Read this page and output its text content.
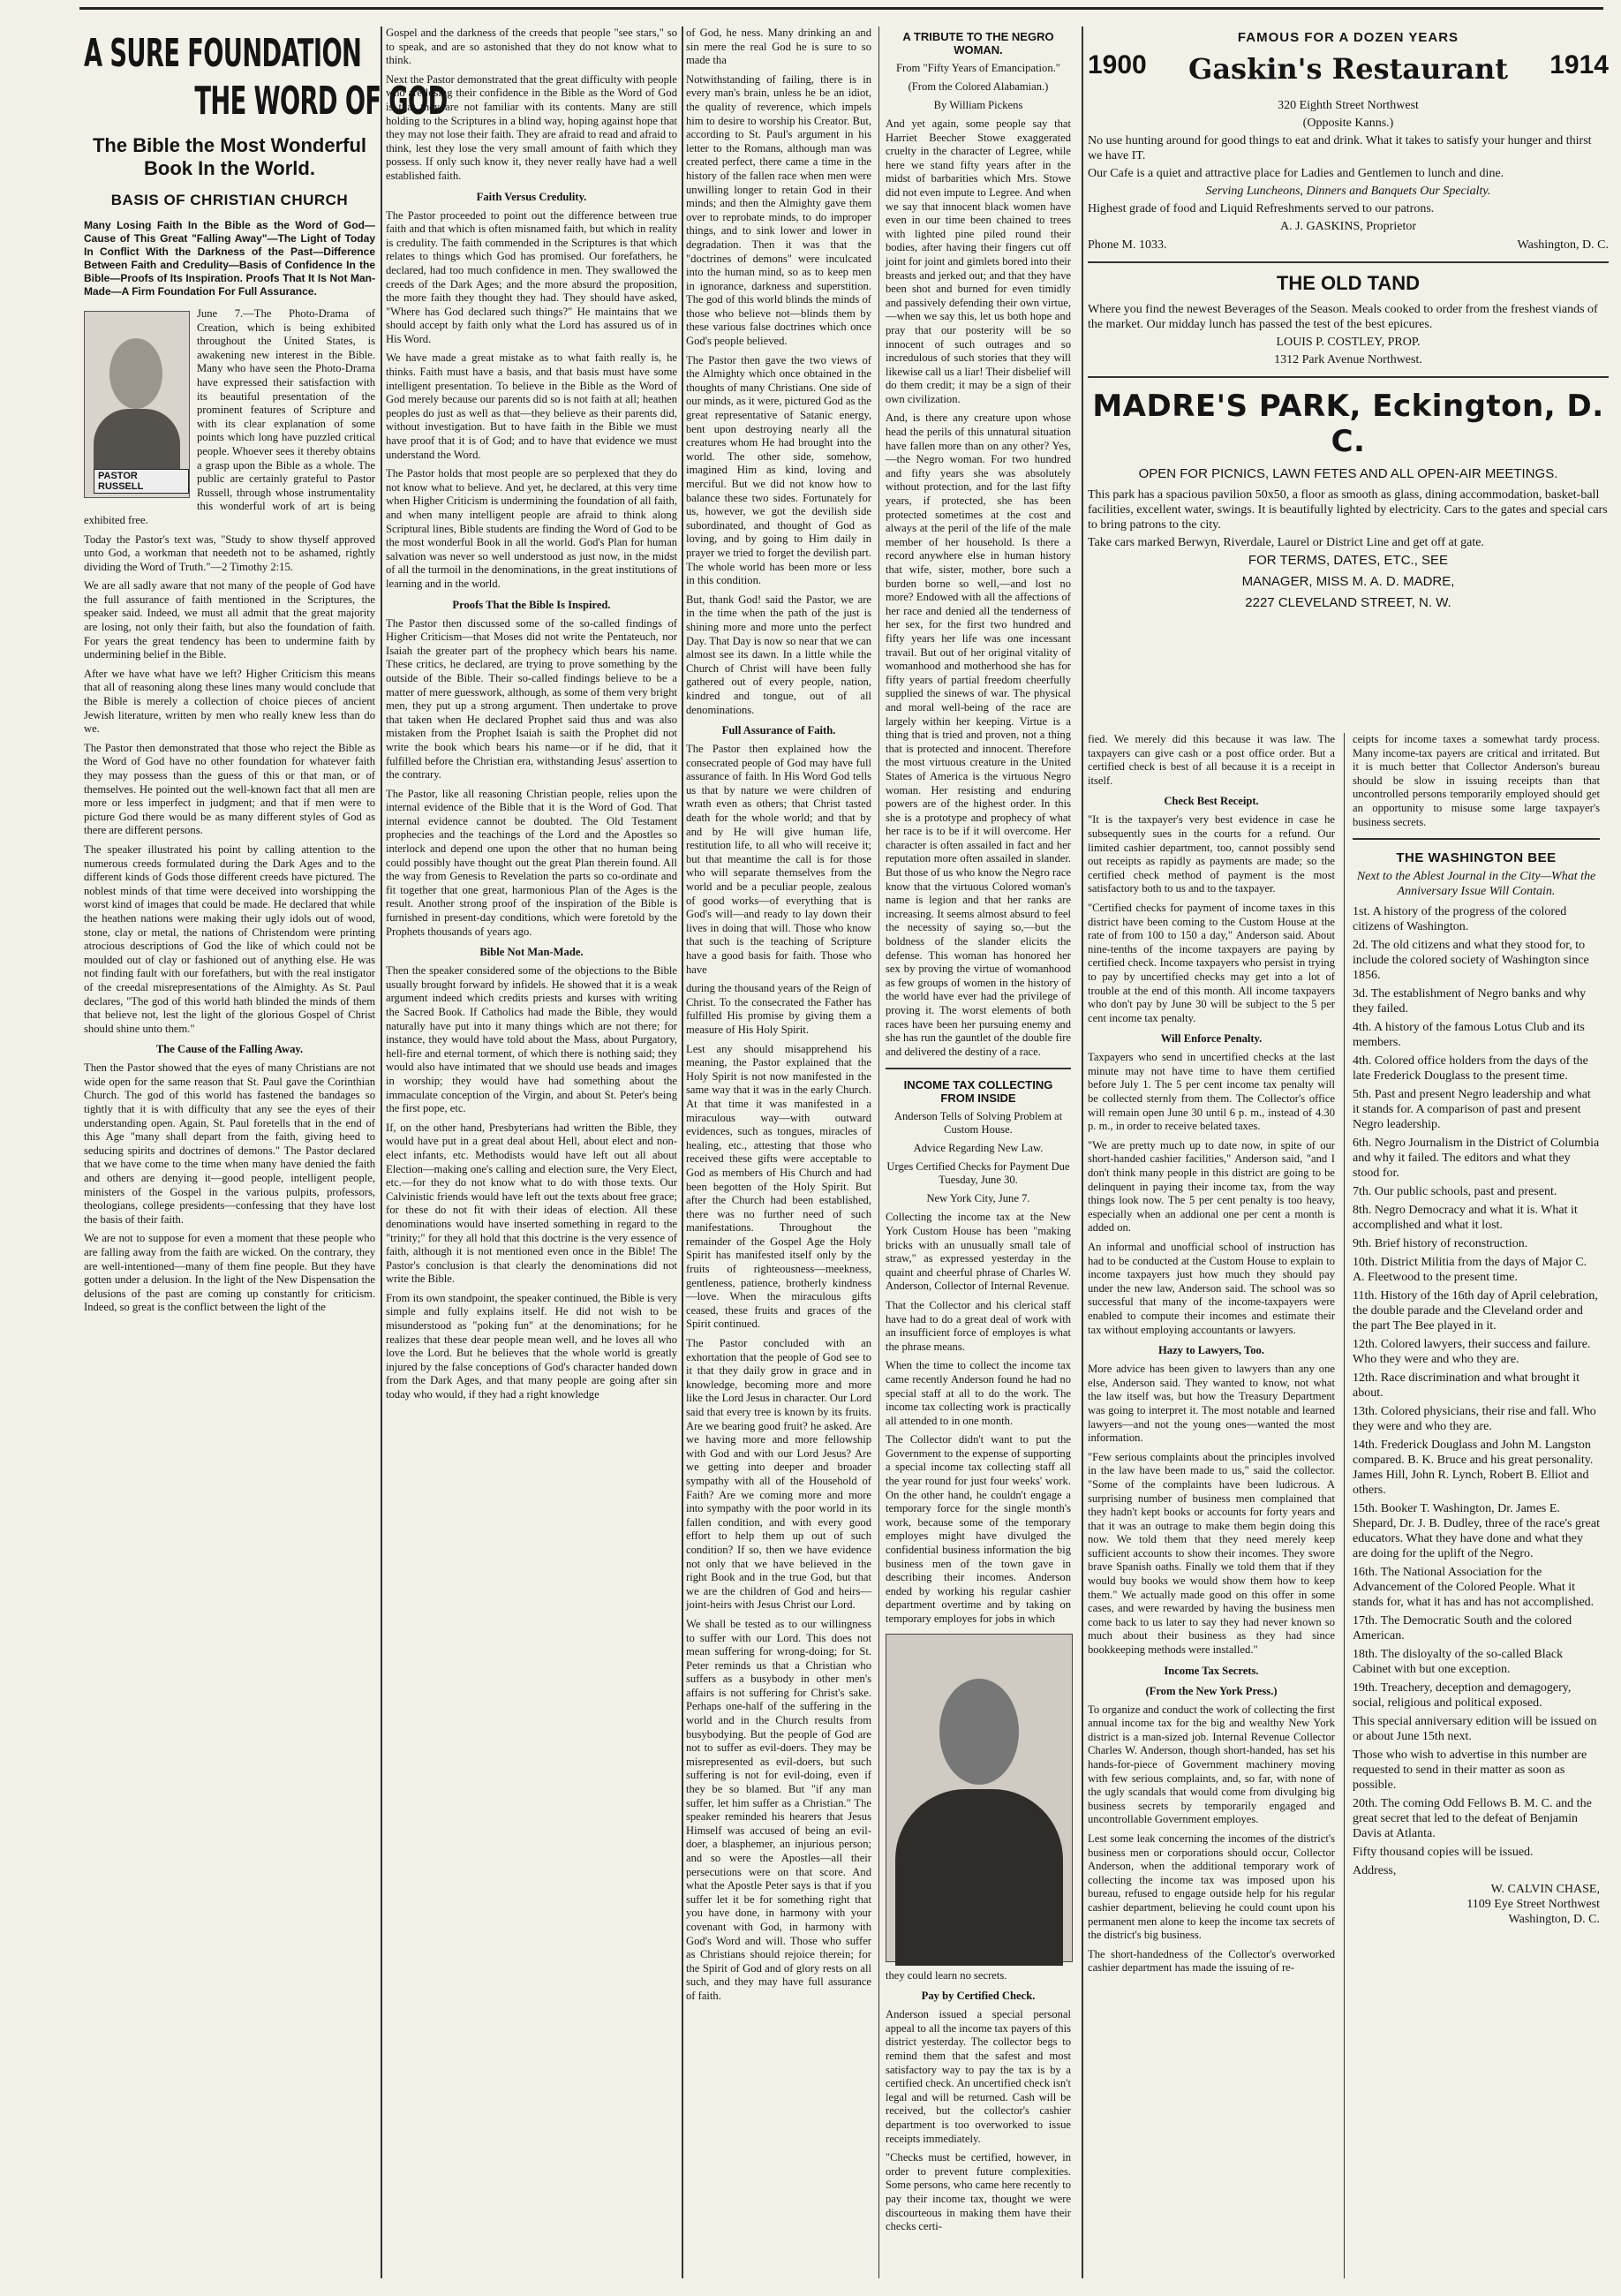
A SURE FOUNDATION
THE WORD OF GOD
The Bible the Most Wonderful
Book In the World.
BASIS OF CHRISTIAN CHURCH
Many Losing Faith In the Bible as the Word of God—Cause of This Great "Falling Away"—The Light of Today In Conflict With the Darkness of the Past—Difference Between Faith and Credulity—Basis of Confidence In the Bible—Proofs of Its Inspiration. Proofs That It Is Not Man-Made—A Firm Foundation For Full Assurance.
PASTOR RUSSELL

June 7.—The Photo-Drama of Creation, which is being exhibited throughout the United States, is awakening new interest in the Bible. Many who have seen the Photo-Drama have expressed their satisfaction with its beautiful presentation of the prominent features of Scripture and with its clear explanation of some points which long have puzzled critical people. Whoever sees it thereby obtains a grasp upon the Bible as a whole. The public are certainly grateful to Pastor Russell, through whose instrumentality this wonderful work of art is being exhibited free.

Today the Pastor's text was, "Study to show thyself approved unto God, a workman that needeth not to be ashamed, rightly dividing the Word of Truth."—2 Timothy 2:15.

We are all sadly aware that not many of the people of God have the full assurance of faith mentioned in the Scriptures, the speaker said. Indeed, we must all admit that the great majority are losing, not only their faith, but also the foundation of faith. For years the great tendency has been to undermine faith by undermining belief in the Bible.

After we have what have we left? Higher Criticism this means that all of reasoning along these lines many would conclude that the Bible is merely a collection of choice pieces of ancient Jewish literature, written by men who really knew less than do we.

The Pastor then demonstrated that those who reject the Bible as the Word of God have no other foundation for whatever faith they may possess than the guess of this or that man, or of themselves. He pointed out the well-known fact that all men are more or less imperfect in judgment; and that if men were to picture God there would be as many different styles of God as there are different persons.

The speaker illustrated his point by calling attention to the numerous creeds formulated during the Dark Ages and to the different kinds of Gods those different creeds have pictured. The noblest minds of that time were deceived into worshipping the worst kind of images that could be made. He declared that while the heathen nations were making their ugly idols out of wood, stone, clay or metal, the nations of Christendom were printing atrocious descriptions of God the like of which could not be moulded out of clay or fashioned out of anything else. He was not finding fault with our forefathers, but with the real instigator of the creedal misrepresentations of the Almighty. As St. Paul declares, "The god of this world hath blinded the minds of them that believe not, lest the light of the glorious Gospel of Christ should shine unto them."

The Cause of the Falling Away.

Then the Pastor showed that the eyes of many Christians are not wide open for the same reason that St. Paul gave the Corinthian Church. The god of this world has fastened the bandages so tightly that it is with difficulty that any see the eyes of their understanding open. Again, St. Paul foretells that in the end of this Age "many shall depart from the faith, giving heed to seducing spirits and doctrines of demons." The Pastor declared that we have come to the time when many have denied the faith and others are denying it—good people, intelligent people, ministers of the Gospel in the various pulpits, professors, theologians, college presidents—confessing that they have lost the basis of their faith.

We are not to suppose for even a moment that these people who are falling away from the faith are wicked. On the contrary, they are well-intentioned—many of them fine people. But they have gotten under a delusion. In the light of the New Dispensation the delusions of the past are coming up constantly for criticism. Indeed, so great is the conflict between the light of the

Gospel and the darkness of the creeds that people "see stars," so to speak, and are so astonished that they do not know what to think.

Next the Pastor demonstrated that the great difficulty with people who are losing their confidence in the Bible as the Word of God is that they are not familiar with its contents. Many are still holding to the Scriptures in a blind way, hoping against hope that they may not lose their faith. They are afraid to read and afraid to think, lest they lose the very small amount of faith which they possess. If only such know it, they never really have had a well established faith.

Faith Versus Credulity.

The Pastor proceeded to point out the difference between true faith and that which is often misnamed faith, but which in reality is credulity. The faith commended in the Scriptures is that which relates to things which God has promised. Our forefathers, he declared, had too much confidence in men. They swallowed the creeds of the Dark Ages; and the more absurd the proposition, the more faith they thought they had. They should have asked, "Where has God declared such things?" He maintains that we should accept by faith only what the Lord has assured us of in His Word.

We have made a great mistake as to what faith really is, he thinks. Faith must have a basis, and that basis must have some intelligent presentation. To believe in the Bible as the Word of God merely because our parents did so is not faith at all; heathen peoples do just as well as that—they believe as their parents did, without investigation. But to have faith in the Bible we must have proof that it is of God; and to have that evidence we must understand the Word.

The Pastor holds that most people are so perplexed that they do not know what to believe. And yet, he declared, at this very time when Higher Criticism is undermining the foundation of all faith, and when many intelligent people are afraid to think along Scriptural lines, Bible students are finding the Word of God to be the most wonderful Book in all the world. God's Plan for human salvation was never so well understood as just now, in the midst of all the turmoil in the denominations, in the great institutions of learning and in the world.

Proofs That the Bible Is Inspired.

The Pastor then discussed some of the so-called findings of Higher Criticism—that Moses did not write the Pentateuch, nor Isaiah the greater part of the prophecy which bears his name. These critics, he declared, are trying to prove something by the outside of the Bible. Their so-called findings believe to be a matter of mere guesswork, although, as some of them very bright men, they put up a strong argument. Then undertake to prove that taken when He declared Prophet said thus and was also mistaken from the Prophet Isaiah is saith the Prophet did not write the book which bears his name—or if he did, that it fulfilled before the Christian era, withstanding Jesus' assertion to the contrary.

The Pastor, like all reasoning Christian people, relies upon the internal evidence of the Bible that it is the Word of God. That internal evidence cannot be doubted. The Old Testament prophecies and the teachings of the Lord and the Apostles so interlock and depend one upon the other that no human being could possibly have thought out the great Plan therein found. All the way from Genesis to Revelation the parts so co-ordinate and fit together that one great, harmonious Plan of the Ages is the result. Another strong proof of the inspiration of the Bible is furnished in present-day conditions, which were foretold by the Prophets thousands of years ago.

Bible Not Man-Made.

Then the speaker considered some of the objections to the Bible usually brought forward by infidels. He showed that it is a weak argument indeed which credits priests and kurses with writing the Sacred Book. If Catholics had made the Bible, they would naturally have put into it many things which are not there; for instance, they would have told about the Mass, about Purgatory, hell-fire and eternal torment, of which there is nothing said; they would also have intimated that we should use beads and images in worship; they would have had something about the immaculate conception of the Virgin, and about St. Peter's being the first pope, etc.

If, on the other hand, Presbyterians had written the Bible, they would have put in a great deal about Hell, about elect and non-elect infants, etc. Methodists would have left out all about Election—making one's calling and election sure, the Very Elect, etc.—for they do not know what to do with those texts. Our Calvinistic friends would have left out the texts about free grace; for these do not fit with their ideas of election. All these denominations would have inserted something in regard to the "trinity;" for they all hold that this doctrine is the very essence of faith, although it is not mentioned even once in the Bible! The Pastor's conclusion is that clearly the denominations did not write the Bible.

From its own standpoint, the speaker continued, the Bible is very simple and fully explains itself. He did not wish to be misunderstood as "poking fun" at the denominations; for he realizes that these dear people mean well, and he loves all who love the Lord. But he believes that the whole world is greatly injured by the false conceptions of God's character handed down from the Dark Ages, and that many people are going after sin today who would, if they had a right knowledge

of God, he ness. Many drinking an and sin mere the real God he is sure to so made tha

Notwithstanding of failing, there is in every man's brain, unless he be an idiot, the quality of reverence, which impels him to desire to worship his Creator. But, according to St. Paul's argument in his letter to the Romans, although man was created perfect, there came a time in the history of the fallen race when men were unwilling longer to retain God in their minds; and then the Almighty gave them over to reprobate minds, to do improper things, and to sink lower and lower in degradation. Then it was that the "doctrines of demons" were inculcated into the human mind, so as to keep men in ignorance, darkness and superstition. The god of this world blinds the minds of those who believe not—blinds them by these various false doctrines which once God's people believed.

The Pastor then gave the two views of the Almighty which once obtained in the thoughts of many Christians. One side of our minds, as it were, pictured God as the great representative of Satanic energy, bent upon destroying nearly all the creatures whom He had brought into the world. The other side, somehow, imagined Him as kind, loving and merciful. But we did not know how to balance these two sides. Fortunately for us, however, we got the devilish side subordinated, and thought of God as loving, and by going to Him daily in prayer we tried to forget the devilish part. The whole world has been more or less in this condition.

But, thank God! said the Pastor, we are in the time when the path of the just is shining more and more unto the perfect Day. That Day is now so near that we can almost see its dawn. In a little while the Church of Christ will have been fully gathered out of every people, nation, kindred and tongue, out of all denominations.

Full Assurance of Faith.

The Pastor then explained how the consecrated people of God may have full assurance of faith. In His Word God tells us that by nature we were children of wrath even as others; that Christ tasted death for the whole world; and that by and by He will give human life, restitution life, to all who will receive it; but that meantime the call is for those who will separate themselves from the world and be a peculiar people, zealous of good works—of everything that is God's will—and ready to lay down their lives in doing that will. Those who know that such is the teaching of Scripture have a good basis for faith. Those who have

during the thousand years of the Reign of Christ. To the consecrated the Father has fulfilled His promise by giving them a measure of His Holy Spirit.

Lest any should misapprehend his meaning, the Pastor explained that the Holy Spirit is not now manifested in the same way that it was in the early Church. At that time it was manifested in a miraculous way—with outward evidences, such as tongues, miracles of healing, etc., attesting that those who received these gifts were acceptable to God as members of His Church and had been begotten of the Holy Spirit. But after the Church had been established, there was no further need of such manifestations. Throughout the remainder of the Gospel Age the Holy Spirit has manifested itself only by the fruits of righteousness—meekness, gentleness, patience, brotherly kindness—love. When the miraculous gifts ceased, these fruits and graces of the Spirit continued.

The Pastor concluded with an exhortation that the people of God see to it that they daily grow in grace and in knowledge, becoming more and more like the Lord Jesus in character. Our Lord said that every tree is known by its fruits. Are we bearing good fruit? he asked. Are we having more and more fellowship with God and with our Lord Jesus? Are we getting into deeper and broader sympathy with all of the Household of Faith? Are we coming more and more into sympathy with the poor world in its fallen condition, and with every good effort to help them up out of such condition? If so, then we have evidence not only that we have believed in the right Book and in the true God, but that we are the children of God and heirs—joint-heirs with Jesus Christ our Lord.

We shall be tested as to our willingness to suffer with our Lord. This does not mean suffering for wrong-doing; for St. Peter reminds us that a Christian who suffers as a busybody in other men's affairs is not suffering for Christ's sake. Perhaps one-half of the suffering in the world and in the Church results from busybodying. But the people of God are not to suffer as evil-doers. They may be misrepresented as evil-doers, but such suffering is not for evil-doing, even if they be so blamed. But "if any man suffer, let him suffer as a Christian." The speaker reminded his hearers that Jesus Himself was accused of being an evil-doer, a blasphemer, an injurious person; and so were the Apostles—all their persecutions were on that score. And what the Apostle Peter says is that if you suffer let it be for something right that you have done, in harmony with your covenant with God, in harmony with God's Word and will. Those who suffer as Christians should rejoice therein; for the Spirit of God and of glory rests on all such, and they may have full assurance of faith.

A TRIBUTE TO THE NEGRO WOMAN.
From "Fifty Years of Emancipation."
(From the Colored Alabamian.)
By William Pickens

And yet again, some people say that Harriet Beecher Stowe exaggerated cruelty in the character of Legree, while here we stand fifty years after in the midst of barbarities which Mrs. Stowe did not even impute to Legree. And when we say that innocent black women have even in our time been chained to trees with lighted pine piled round their bodies, after having their fingers cut off joint for joint and gimlets bored into their breasts and jerked out; and that they have been shot and burned for even timidly and passively defending their own virtue,—when we say this, let us both hope and pray that our posterity will be so innocent of such outrages and so incredulous of such stories that they will likewise call us a liar! Their disbelief will do them credit; it may be a sign of their own civilization.

And, is there any creature upon whose head the perils of this unnatural situation have fallen more than on any other? Yes,—the Negro woman. For two hundred and fifty years she was absolutely without protection, and for the last fifty years, if protected, she has been protected sometimes at the cost and always at the peril of the life of the male member of her household. Is there a record anywhere else in human history that wife, sister, mother, bore such a burden borne so well,—and lost no more? Endowed with all the affections of her race and denied all the tenderness of her sex, for the first two hundred and fifty years her life was one incessant travail. But out of her original vitality of womanhood and motherhood she has for fifty years of partial freedom cheerfully supplied the sinews of war. The physical and moral well-being of the race are largely within her keeping. Virtue is a thing that is tried and proven, not a thing that is protected and innocent. Therefore the most virtuous creature in the United States of America is the virtuous Negro woman. Her resisting and enduring powers are of the highest order. In this she is a prototype and prophecy of what her race is to be if it will overcome. Her character is often assailed in fact and her reputation more often assailed in slander. But those of us who know the Negro race know that the virtuous Colored woman's name is legion and that her ranks are increasing. It seems almost absurd to feel the necessity of saying so,—but the boldness of the slander elicits the defense. This woman has honored her sex by proving the virtue of womanhood as few groups of women in the history of the world have ever had the privilege of proving it. The worst elements of both races have been her pursuing enemy and she has run the gauntlet of the double fire and delivered the destiny of a race.

INCOME TAX COLLECTING FROM INSIDE
Anderson Tells of Solving Problem at Custom House.
Advice Regarding New Law.
Urges Certified Checks for Payment Due Tuesday, June 30.
New York City, June 7.

Collecting the income tax at the New York Custom House has been "making bricks with an unusually small tale of straw," as expressed yesterday in the quaint and cheerful phrase of Charles W. Anderson, Collector of Internal Revenue.

That the Collector and his clerical staff have had to do a great deal of work with an insufficient force of employes is what the phrase means.

When the time to collect the income tax came recently Anderson found he had no special staff at all to do the work. The income tax collecting work is practically all attended to in one month.

The Collector didn't want to put the Government to the expense of supporting a special income tax collecting staff all the year round for just four weeks' work. On the other hand, he couldn't engage a temporary force for the single month's work, because some of the temporary employes might have divulged the confidential business information the big business men of the town gave in describing their incomes. Anderson ended by working his regular cashier department overtime and by taking on temporary employes for jobs in which

they could learn no secrets.

Pay by Certified Check.

Anderson issued a special personal appeal to all the income tax payers of this district yesterday. The collector begs to remind them that the safest and most satisfactory way to pay the tax is by a certified check. An uncertified check isn't legal and will be returned. Cash will be received, but the collector's cashier department is too overworked to issue receipts immediately.

"Checks must be certified, however, in order to prevent future complexities. Some persons, who came here recently to pay their income tax, thought we were discourteous in making them have their checks certi-

FAMOUS FOR A DOZEN YEARS
1900	Gaskin's Restaurant	1914

320 Eighth Street Northwest

(Opposite Kanns.)

No use hunting around for good things to eat and drink. What it takes to satisfy your hunger and thirst we have IT.

Our Cafe is a quiet and attractive place for Ladies and Gentlemen to lunch and dine.

Serving Luncheons, Dinners and Banquets Our Specialty.

Highest grade of food and Liquid Refreshments served to our patrons.

A. J. GASKINS, Proprietor

Phone M. 1033.	Washington, D. C.
THE OLD TAND

Where you find the newest Beverages of the Season. Meals cooked to order from the freshest viands of the market. Our midday lunch has passed the test of the best epicures.

LOUIS P. COSTLEY, PROP.

1312 Park Avenue Northwest.

MADRE'S PARK, Eckington, D. C.
OPEN FOR PICNICS, LAWN FETES AND ALL OPEN-AIR MEETINGS.

This park has a spacious pavilion 50x50, a floor as smooth as glass, dining accommodation, basket-ball facilities, excellent water, swings. It is beautifully lighted by electricity. Cars to the gates and special cars to bring patrons to the city.

Take cars marked Berwyn, Riverdale, Laurel or District Line and get off at gate.

FOR TERMS, DATES, ETC., SEE
MANAGER, MISS M. A. D. MADRE,
2227 CLEVELAND STREET, N. W.

fied. We merely did this because it was law. The taxpayers can give cash or a post office order. But a certified check is best of all because it is a receipt in itself.

Check Best Receipt.

"It is the taxpayer's very best evidence in case he subsequently sues in the courts for a refund. Our limited cashier department, too, cannot possibly send out receipts as rapidly as payments are made; so the certified check method of payment is the most satisfactory both to us and to the taxpayer.

"Certified checks for payment of income taxes in this district have been coming to the Custom House at the rate of from 100 to 150 a day," Anderson said. About nine-tenths of the income taxpayers are paying by certified check. Income taxpayers who persist in trying to pay by uncertified checks may get into a lot of trouble at the end of this month. All income taxpayers who don't pay by June 30 will be subject to the 5 per cent income tax penalty.

Will Enforce Penalty.

Taxpayers who send in uncertified checks at the last minute may not have time to have them certified before July 1. The 5 per cent income tax penalty will be collected sternly from them. The Collector's office will remain open June 30 until 6 p. m., instead of 4.30 p. m., in order to receive belated taxes.

"We are pretty much up to date now, in spite of our short-handed cashier facilities," Anderson said, "and I don't think many people in this district are going to be delinquent in paying their income tax, from the way things look now. The 5 per cent penalty is too heavy, especially when an addional one per cent a month is added on.

An informal and unofficial school of instruction has had to be conducted at the Custom House to explain to income taxpayers just how much they should pay under the new law, Anderson said. The school was so successful that many of the income-taxpayers were enabled to compute their incomes and estimate their tax without employing accountants or lawyers.

Hazy to Lawyers, Too.

More advice has been given to lawyers than any one else, Anderson said. They wanted to know, not what the law itself was, but how the Treasury Department was going to interpret it. The most notable and learned lawyers—and not the young ones—wanted the most information.

"Few serious complaints about the principles involved in the law have been made to us," said the collector. "Some of the complaints have been ludicrous. A surprising number of business men complained that they hadn't kept books or accounts for forty years and that it was an outrage to make them begin doing this now. We told them that they need merely keep sufficient accounts to show their incomes. They swore brave Spanish oaths. Finally we told them that if they would buy books we would show them how to keep them." We actually made good on this offer in some cases, and were rewarded by having the business men come back to us later to say they had never known so much about their business as they had since bookkeeping methods were installed."

Income Tax Secrets.
(From the New York Press.)

To organize and conduct the work of collecting the first annual income tax for the big and wealthy New York district is a man-sized job. Internal Revenue Collector Charles W. Anderson, though short-handed, has set his hands-for-piece of Government machinery moving with few serious complaints, and, so far, with none of the ugly scandals that would come from divulging big business secrets by temporarily engaged and uncontrollable Government employes.

Lest some leak concerning the incomes of the district's business men or corporations should occur, Collector Anderson, when the additional temporary work of collecting the income tax was imposed upon his bureau, refused to engage outside help for his regular cashier department, believing he could count upon his permanent men alone to keep the income tax secrets of the district's big business.

The short-handedness of the Collector's overworked cashier department has made the issuing of re-

ceipts for income taxes a somewhat tardy process. Many income-tax payers are critical and irritated. But it is much better that Collector Anderson's bureau should be slow in issuing receipts than that uncontrolled persons temporarily employed should get an opportunity to misuse some large taxpayer's business secrets.

THE WASHINGTON BEE
Next to the Ablest Journal in the City—What the Anniversary Issue Will Contain.

1st. A history of the progress of the colored citizens of Washington.

2d. The old citizens and what they stood for, to include the colored society of Washington since 1856.

3d. The establishment of Negro banks and why they failed.

4th. A history of the famous Lotus Club and its members.

4th. Colored office holders from the days of the late Frederick Douglass to the present time.

5th. Past and present Negro leadership and what it stands for. A comparison of past and present Negro leadership.

6th. Negro Journalism in the District of Columbia and why it failed. The editors and what they stood for.

7th. Our public schools, past and present.

8th. Negro Democracy and what it is. What it accomplished and what it lost.

9th. Brief history of reconstruction.

10th. District Militia from the days of Major C. A. Fleetwood to the present time.

11th. History of the 16th day of April celebration, the double parade and the Cleveland order and the part The Bee played in it.

12th. Colored lawyers, their success and failure. Who they were and who they are.

12th. Race discrimination and what brought it about.

13th. Colored physicians, their rise and fall. Who they were and who they are.

14th. Frederick Douglass and John M. Langston compared. B. K. Bruce and his great personality. James Hill, John R. Lynch, Robert B. Elliot and others.

15th. Booker T. Washington, Dr. James E. Shepard, Dr. J. B. Dudley, three of the race's great educators. What they have done and what they are doing for the uplift of the Negro.

16th. The National Association for the Advancement of the Colored People. What it stands for, what it has and has not accomplished.

17th. The Democratic South and the colored American.

18th. The disloyalty of the so-called Black Cabinet with but one exception.

19th. Treachery, deception and demagogery, social, religious and political exposed.

This special anniversary edition will be issued on or about June 15th next.

Those who wish to advertise in this number are requested to send in their matter as soon as possible.

20th. The coming Odd Fellows B. M. C. and the great secret that led to the defeat of Benjamin Davis at Atlanta.

Fifty thousand copies will be issued.

Address,

W. CALVIN CHASE,

1109 Eye Street Northwest

Washington, D. C.
